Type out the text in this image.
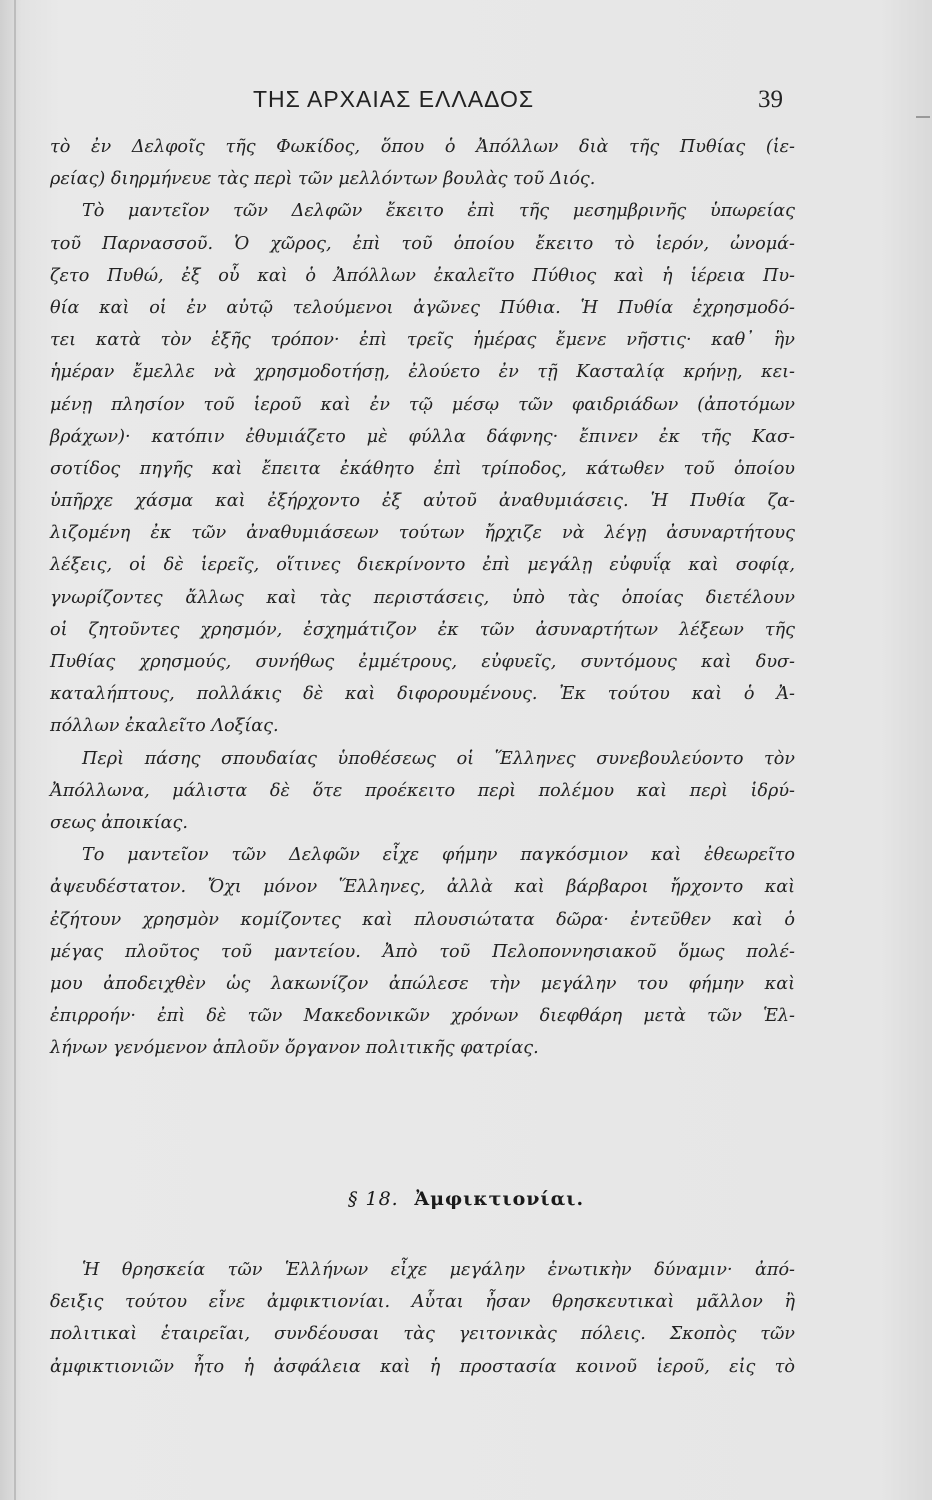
ΤΗΣ ΑΡΧΑΙΑΣ ΕΛΛΑΔΟΣ	39
τὸ ἐν Δελφοῖς τῆς Φωκίδος, ὅπου ὁ Ἀπόλλων διὰ τῆς Πυθίας (ἱε-
ρείας) διηρμήνευε τὰς περὶ τῶν μελλόντων βουλὰς τοῦ Διός.
Τὸ μαντεῖον τῶν Δελφῶν ἔκειτο ἐπὶ τῆς μεσημβρινῆς ὑπωρείας
τοῦ Παρνασσοῦ. Ὁ χῶρος, ἐπὶ τοῦ ὁποίου ἔκειτο τὸ ἱερόν, ὠνομά-
ζετο Πυθώ, ἐξ οὗ καὶ ὁ Ἀπόλλων ἐκαλεῖτο Πύθιος καὶ ἡ ἱέρεια Πυ-
θία καὶ οἱ ἐν αὐτῷ τελούμενοι ἀγῶνες Πύθια. Ἡ Πυθία ἐχρησμοδό-
τει κατὰ τὸν ἑξῆς τρόπον· ἐπὶ τρεῖς ἡμέρας ἔμενε νῆστις· καθ᾽ ἣν
ἡμέραν ἔμελλε νὰ χρησμοδοτήσῃ, ἐλούετο ἐν τῇ Κασταλίᾳ κρήνῃ, κει-
μένῃ πλησίον τοῦ ἱεροῦ καὶ ἐν τῷ μέσῳ τῶν φαιδριάδων (ἀποτόμων
βράχων)· κατόπιν ἐθυμιάζετο μὲ φύλλα δάφνης· ἔπινεν ἐκ τῆς Κασ-
σοτίδος πηγῆς καὶ ἔπειτα ἐκάθητο ἐπὶ τρίποδος, κάτωθεν τοῦ ὁποίου
ὑπῆρχε χάσμα καὶ ἐξήρχοντο ἐξ αὐτοῦ ἀναθυμιάσεις. Ἡ Πυθία ζα-
λιζομένη ἐκ τῶν ἀναθυμιάσεων τούτων ἤρχιζε νὰ λέγῃ ἀσυναρτήτους
λέξεις, οἱ δὲ ἱερεῖς, οἵτινες διεκρίνοντο ἐπὶ μεγάλῃ εὐφυΐᾳ καὶ σοφίᾳ,
γνωρίζοντες ἄλλως καὶ τὰς περιστάσεις, ὑπὸ τὰς ὁποίας διετέλουν
οἱ ζητοῦντες χρησμόν, ἐσχημάτιζον ἐκ τῶν ἀσυναρτήτων λέξεων τῆς
Πυθίας χρησμούς, συνήθως ἐμμέτρους, εὐφυεῖς, συντόμους καὶ δυσ-
καταλήπτους, πολλάκις δὲ καὶ διφορουμένους. Ἐκ τούτου καὶ ὁ Ἀ-
πόλλων ἐκαλεῖτο Λοξίας.
Περὶ πάσης σπουδαίας ὑποθέσεως οἱ Ἕλληνες συνεβουλεύοντο τὸν
Ἀπόλλωνα, μάλιστα δὲ ὅτε προέκειτο περὶ πολέμου καὶ περὶ ἱδρύ-
σεως ἀποικίας.
Το μαντεῖον τῶν Δελφῶν εἶχε φήμην παγκόσμιον καὶ ἐθεωρεῖτο
ἀψευδέστατον. Ὄχι μόνον Ἕλληνες, ἀλλὰ καὶ βάρβαροι ἤρχοντο καὶ
ἐζήτουν χρησμὸν κομίζοντες καὶ πλουσιώτατα δῶρα· ἐντεῦθεν καὶ ὁ
μέγας πλοῦτος τοῦ μαντείου. Ἀπὸ τοῦ Πελοποννησιακοῦ ὅμως πολέ-
μου ἀποδειχθὲν ὡς λακωνίζον ἀπώλεσε τὴν μεγάλην του φήμην καὶ
ἐπιρροήν· ἐπὶ δὲ τῶν Μακεδονικῶν χρόνων διεφθάρη μετὰ τῶν Ἑλ-
λήνων γενόμενον ἁπλοῦν ὄργανον πολιτικῆς φατρίας.
§ 18. Ἀμφικτιονίαι.
Ἡ θρησκεία τῶν Ἑλλήνων εἶχε μεγάλην ἑνωτικὴν δύναμιν· ἀπό-
δειξις τούτου εἶνε ἀμφικτιονίαι. Αὗται ἦσαν θρησκευτικαὶ μᾶλλον ἢ
πολιτικαὶ ἑταιρεῖαι, συνδέουσαι τὰς γειτονικὰς πόλεις. Σκοπὸς τῶν
ἀμφικτιονιῶν ἦτο ἡ ἀσφάλεια καὶ ἡ προστασία κοινοῦ ἱεροῦ, εἰς τὸ
